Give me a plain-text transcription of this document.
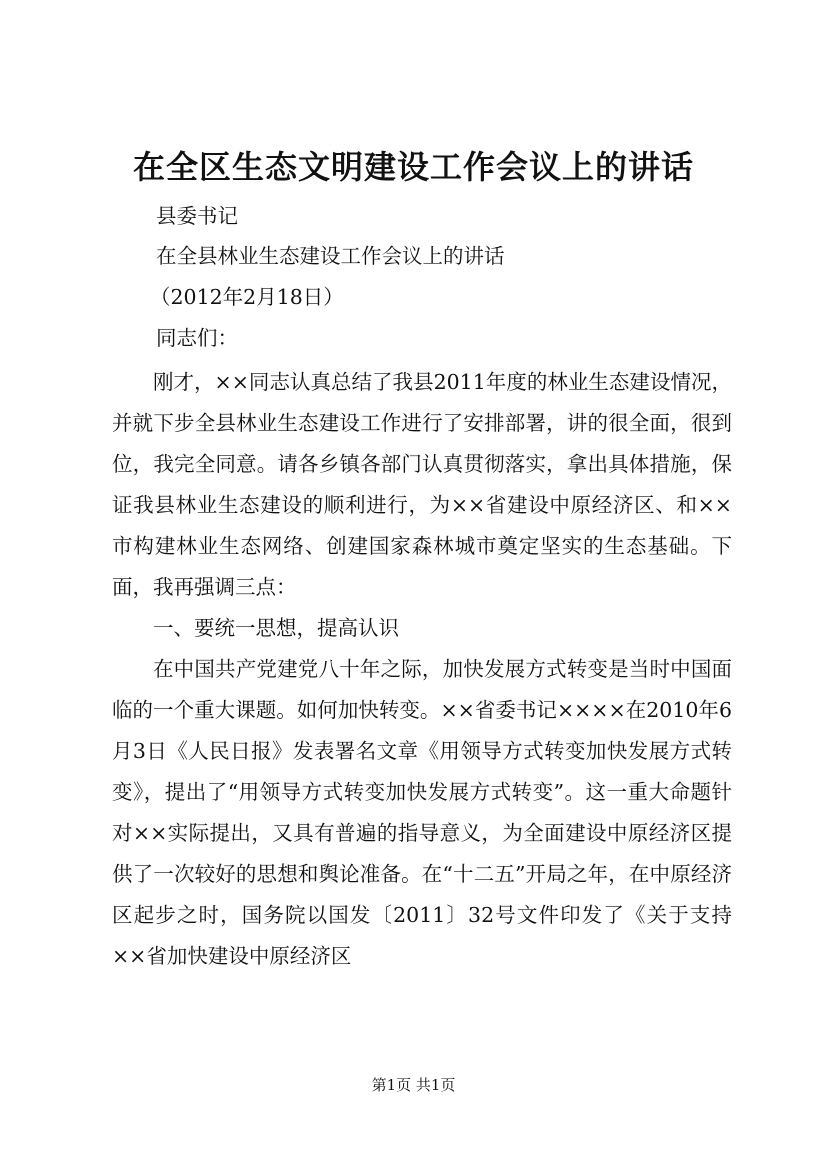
在全区生态文明建设工作会议上的讲话
县委书记
在全县林业生态建设工作会议上的讲话
（2012年2月18日）
同志们：

刚才，××同志认真总结了我县2011年度的林业生态建设情况，并就下步全县林业生态建设工作进行了安排部署，讲的很全面，很到位，我完全同意。请各乡镇各部门认真贯彻落实，拿出具体措施，保证我县林业生态建设的顺利进行，为××省建设中原经济区、和××市构建林业生态网络、创建国家森林城市奠定坚实的生态基础。下面，我再强调三点：

一、要统一思想，提高认识

在中国共产党建党八十年之际，加快发展方式转变是当时中国面临的一个重大课题。如何加快转变。××省委书记××××在2010年6月3日《人民日报》发表署名文章《用领导方式转变加快发展方式转变》，提出了“用领导方式转变加快发展方式转变”。这一重大命题针对××实际提出，又具有普遍的指导意义，为全面建设中原经济区提供了一次较好的思想和舆论准备。在“十二五”开局之年，在中原经济区起步之时，国务院以国发〔2011〕32号文件印发了《关于支持××省加快建设中原经济区

第1页 共1页
